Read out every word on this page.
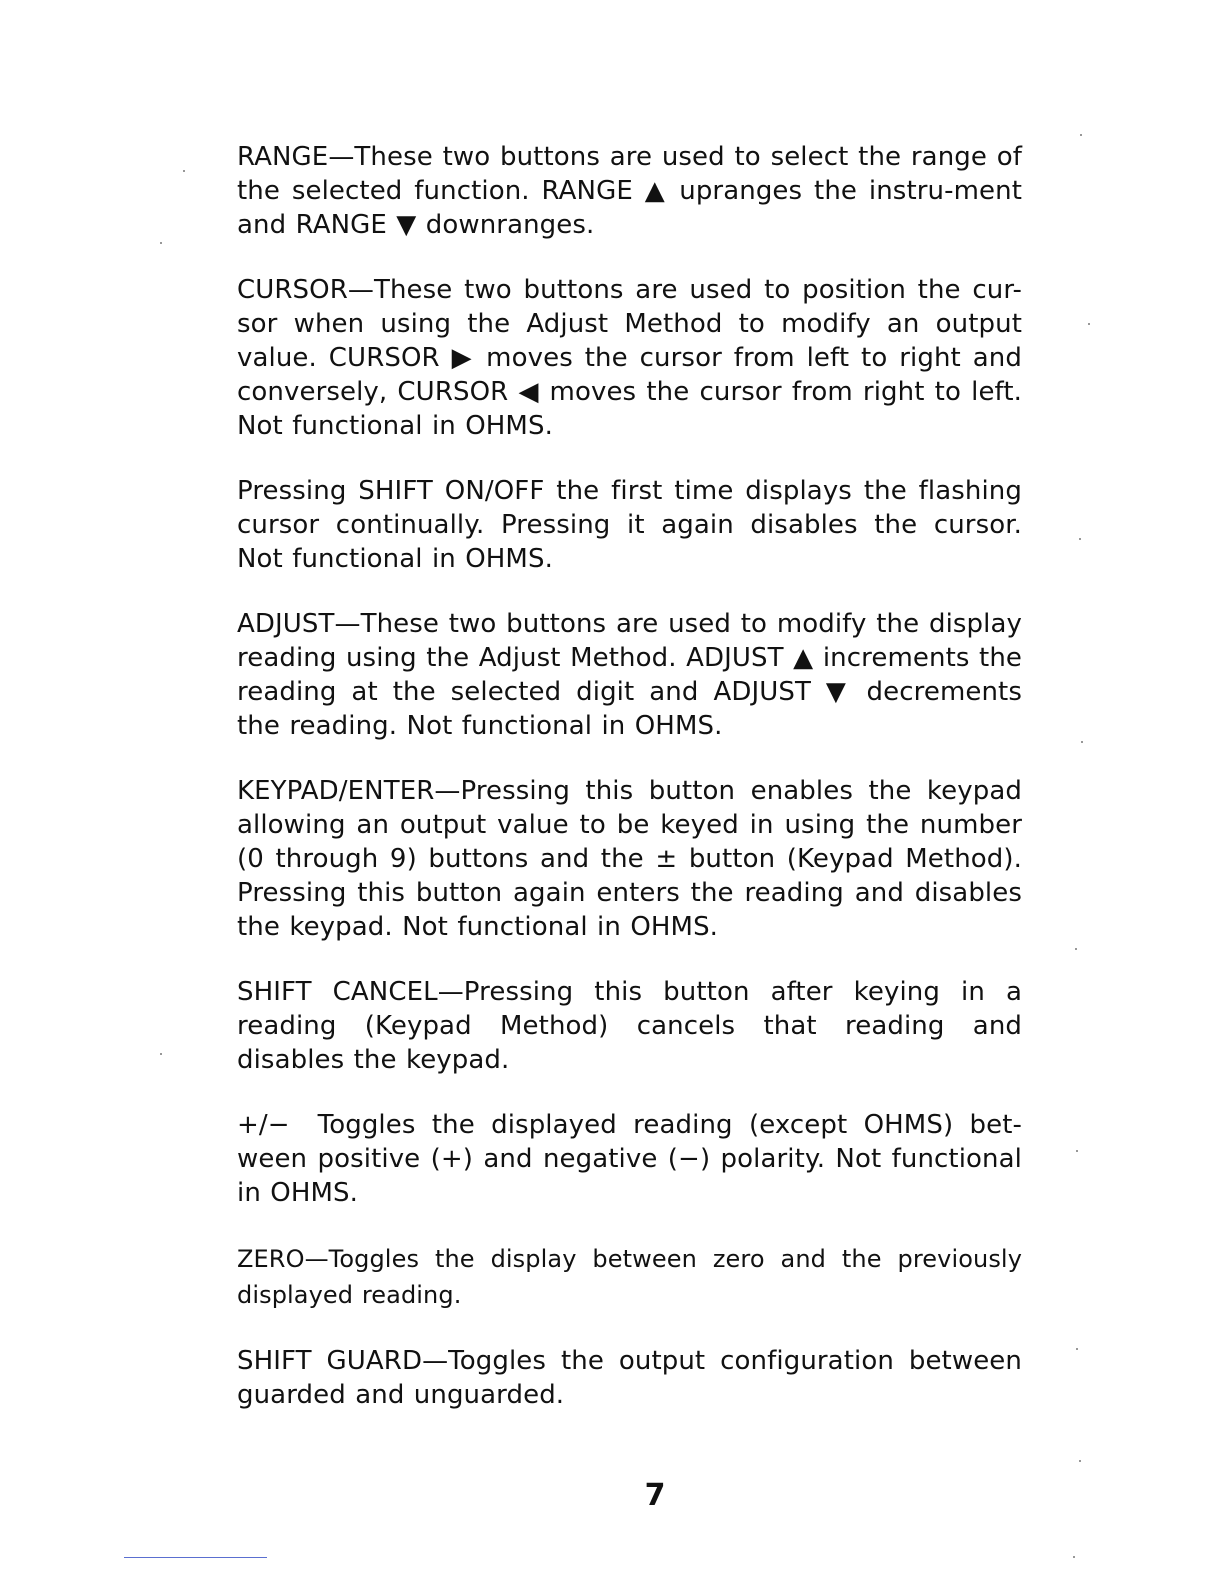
RANGE—These two buttons are used to select the range of the selected function. RANGE ▲ upranges the instru-ment and RANGE ▼ downranges.

CURSOR—These two buttons are used to position the cur-sor when using the Adjust Method to modify an output value. CURSOR ▶ moves the cursor from left to right and conversely, CURSOR ◀ moves the cursor from right to left. Not functional in OHMS.

Pressing SHIFT ON/OFF the first time displays the flashing cursor continually. Pressing it again disables the cursor. Not functional in OHMS.

ADJUST—These two buttons are used to modify the display reading using the Adjust Method. ADJUST ▲ increments the reading at the selected digit and ADJUST ▼ decrements the reading. Not functional in OHMS.

KEYPAD/ENTER—Pressing this button enables the keypad allowing an output value to be keyed in using the number (0 through 9) buttons and the ± button (Keypad Method). Pressing this button again enters the reading and disables the keypad. Not functional in OHMS.

SHIFT CANCEL—Pressing this button after keying in a reading (Keypad Method) cancels that reading and disables the keypad.

+/− Toggles the displayed reading (except OHMS) bet-ween positive (+) and negative (−) polarity. Not functional in OHMS.

ZERO—Toggles the display between zero and the previously displayed reading.

SHIFT GUARD—Toggles the output configuration between guarded and unguarded.

7
